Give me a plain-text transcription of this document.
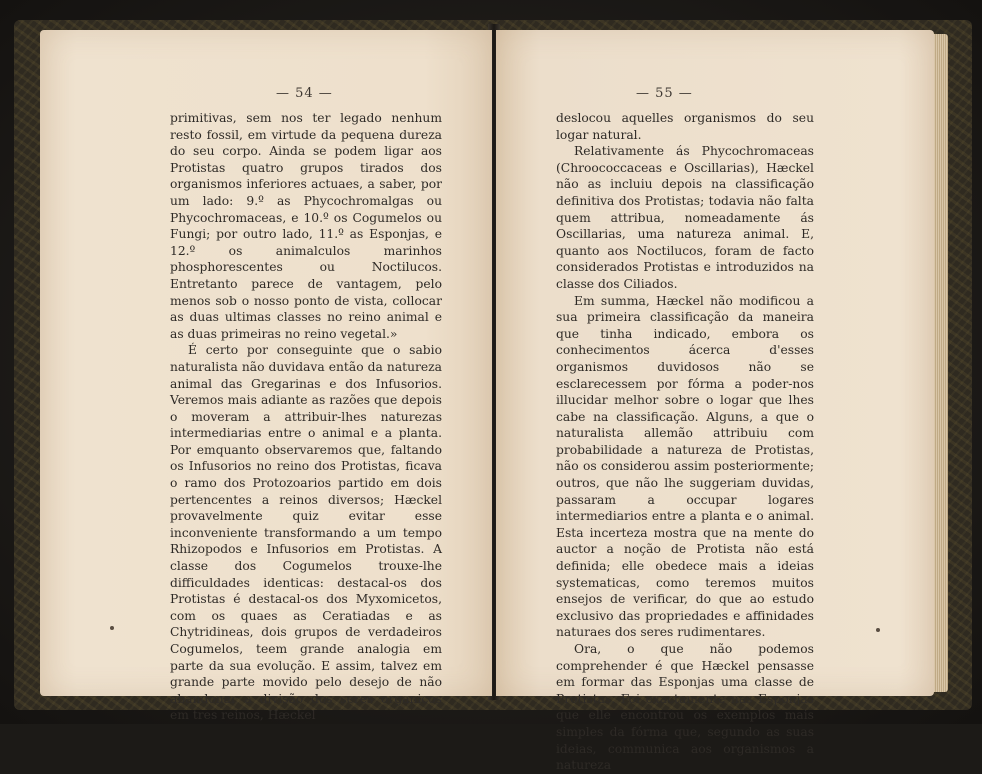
— 54 —

primitivas, sem nos ter legado nenhum resto fossil, em virtude da pequena dureza do seu corpo. Ainda se podem ligar aos Protistas quatro grupos tirados dos organismos inferiores actuaes, a saber, por um lado: 9.º as Phycochromalgas ou Phycochromaceas, e 10.º os Cogumelos ou Fungi; por outro lado, 11.º as Esponjas, e 12.º os animalculos marinhos phosphorescentes ou Noctilucos. Entretanto parece de vantagem, pelo menos sob o nosso ponto de vista, collocar as duas ultimas classes no reino animal e as duas primeiras no reino vegetal.»

É certo por conseguinte que o sabio naturalista não duvidava então da natureza animal das Gregarinas e dos Infusorios. Veremos mais adiante as razões que depois o moveram a attribuir-lhes naturezas intermediarias entre o animal e a planta. Por emquanto observaremos que, faltando os Infusorios no reino dos Protistas, ficava o ramo dos Protozoarios partido em dois pertencentes a reinos diversos; Hæckel provavelmente quiz evitar esse inconveniente transformando a um tempo Rhizopodos e Infusorios em Protistas. A classe dos Cogumelos trouxe-lhe difficuldades identicas: destacal-os dos Protistas é destacal-os dos Myxomicetos, com os quaes as Ceratiadas e as Chytridineas, dois grupos de verdadeiros Cogumelos, teem grande analogia em parte da sua evolução. E assim, talvez em grande parte movido pelo desejo de não abandonar a divisão dos seres organicos em tres reinos, Hæckel

— 55 —

deslocou aquelles organismos do seu logar natural.

Relativamente ás Phycochromaceas (Chroococcaceas e Oscillarias), Hæckel não as incluiu depois na classificação definitiva dos Protistas; todavia não falta quem attribua, nomeadamente ás Oscillarias, uma natureza animal. E, quanto aos Noctilucos, foram de facto considerados Protistas e introduzidos na classe dos Ciliados.

Em summa, Hæckel não modificou a sua primeira classificação da maneira que tinha indicado, embora os conhecimentos ácerca d'esses organismos duvidosos não se esclarecessem por fórma a poder-nos illucidar melhor sobre o logar que lhes cabe na classificação. Alguns, a que o naturalista allemão attribuiu com probabilidade a natureza de Protistas, não os considerou assim posteriormente; outros, que não lhe suggeriam duvidas, passaram a occupar logares intermediarios entre a planta e o animal. Esta incerteza mostra que na mente do auctor a noção de Protista não está definida; elle obedece mais a ideias systematicas, como teremos muitos ensejos de verificar, do que ao estudo exclusivo das propriedades e affinidades naturaes dos seres rudimentares.

Ora, o que não podemos comprehender é que Hæckel pensasse em formar das Esponjas uma classe de Protistas. Foi exactamente nas Esponjas que elle encontrou os exemplos mais simples da fórma que, segundo as suas ideias, communica aos organismos a natureza
